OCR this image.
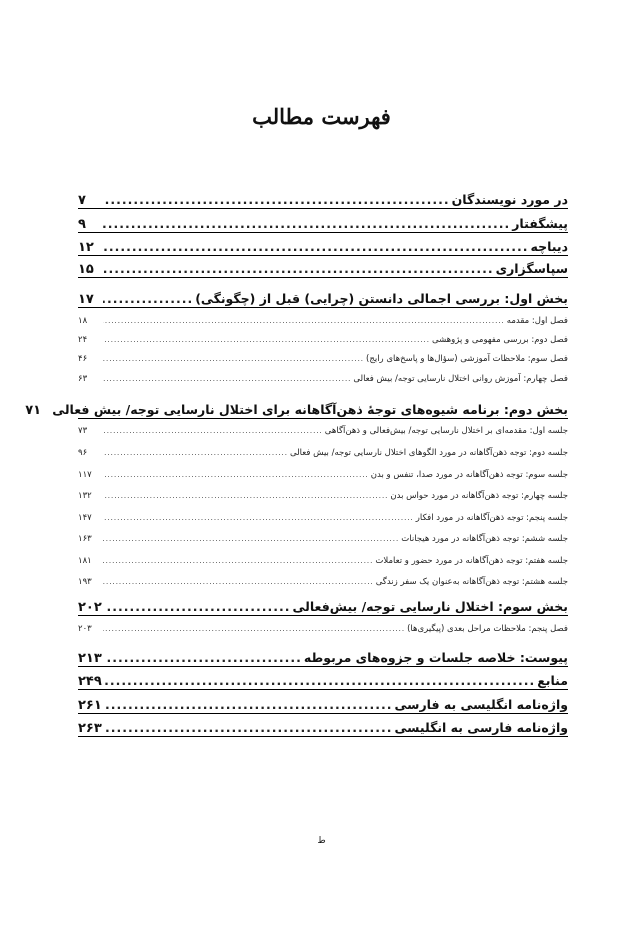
فهرست مطالب
در مورد نویسندگان
.....
۷
پیشگفتار
.....
۹
دیباچه
.....
۱۲
سپاسگزاری
.....
۱۵
بخش اول: بررسی اجمالی دانستن (چرایی) قبل از (چگونگی)
.....
۱۷
فصل اول: مقدمه
.....
۱۸
فصل دوم: بررسی مفهومی و پژوهشی
.....
۲۴
فصل سوم: ملاحظات آموزشی (سؤال‌ها و پاسخ‌های رایج)
.....
۴۶
فصل چهارم: آموزش روانی اختلال نارسایی توجه/ بیش فعالی
.....
۶۳
بخش دوم: برنامه شیوه‌های توجهٔ ذهن‌آگاهانه برای اختلال نارسایی توجه/ بیش فعالی
۷۱
جلسه اول: مقدمه‌ای بر اختلال نارسایی توجه/ بیش‌فعالی و ذهن‌آگاهی
.....
۷۳
جلسه دوم: توجه ذهن‌آگاهانه در مورد الگوهای اختلال نارسایی توجه/ بیش فعالی
.....
۹۶
جلسه سوم: توجه ذهن‌آگاهانه در مورد صدا، تنفس و بدن
.....
۱۱۷
جلسه چهارم: توجه ذهن‌آگاهانه در مورد حواس بدن
.....
۱۳۲
جلسه پنجم: توجه ذهن‌آگاهانه در مورد افکار
.....
۱۴۷
جلسه ششم: توجه ذهن‌آگاهانه در مورد هیجانات
.....
۱۶۳
جلسه هفتم: توجه ذهن‌آگاهانه در مورد حضور و تعاملات
.....
۱۸۱
جلسه هشتم: توجه ذهن‌آگاهانه به‌عنوان یک سفر زندگی
.....
۱۹۳
بخش سوم: اختلال نارسایی توجه/ بیش‌فعالی
.....
۲۰۲
فصل پنجم: ملاحظات مراحل بعدی (پیگیری‌ها)
.....
۲۰۳
پیوست: خلاصه جلسات و جزوه‌های مربوطه
.....
۲۱۳
منابع
.....
۲۴۹
واژه‌نامه انگلیسی به فارسی
.....
۲۶۱
واژه‌نامه فارسی به انگلیسی
.....
۲۶۳
ط
